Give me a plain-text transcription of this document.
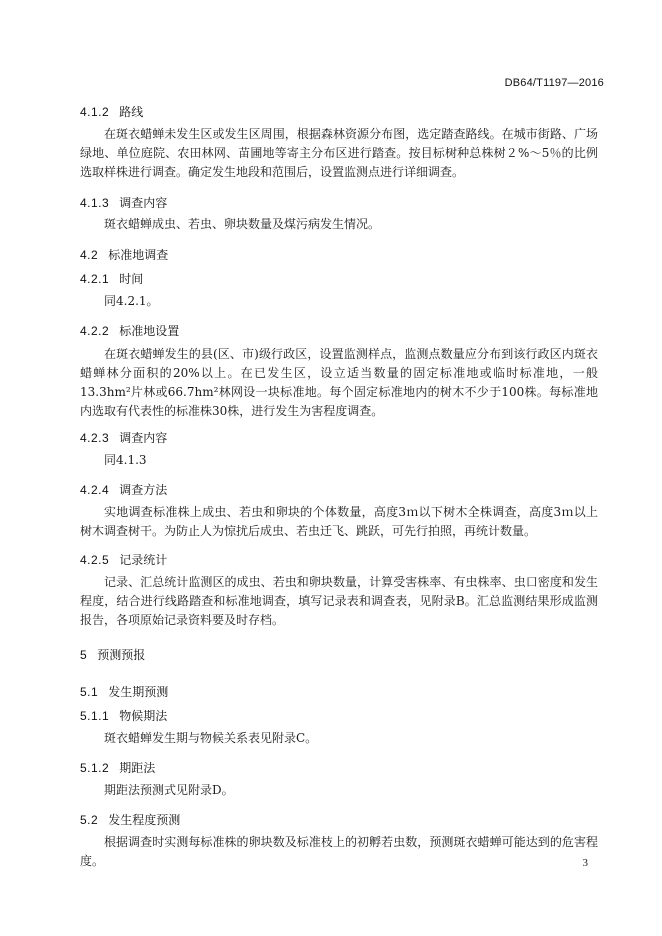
DB64/T1197—2016
4.1.2 路线
在斑衣蜡蝉未发生区或发生区周围，根据森林资源分布图，选定踏查路线。在城市街路、广场绿地、单位庭院、农田林网、苗圃地等寄主分布区进行踏查。按目标树种总株树２%～5％的比例选取样株进行调查。确定发生地段和范围后，设置监测点进行详细调查。
4.1.3 调查内容
斑衣蜡蝉成虫、若虫、卵块数量及煤污病发生情况。
4.2 标准地调查
4.2.1 时间
同4.2.1。
4.2.2 标准地设置
在斑衣蜡蝉发生的县(区、市)级行政区，设置监测样点，监测点数量应分布到该行政区内斑衣蜡蝉林分面积的20%以上。在已发生区，设立适当数量的固定标准地或临时标准地，一般13.3hm²片林或66.7hm²林网设一块标准地。每个固定标准地内的树木不少于100株。每标准地内选取有代表性的标准株30株，进行发生为害程度调查。
4.2.3 调查内容
同4.1.3
4.2.4 调查方法
实地调查标准株上成虫、若虫和卵块的个体数量，高度3ｍ以下树木全株调查，高度3ｍ以上树木调查树干。为防止人为惊扰后成虫、若虫迁飞、跳跃，可先行拍照，再统计数量。
4.2.5 记录统计
记录、汇总统计监测区的成虫、若虫和卵块数量，计算受害株率、有虫株率、虫口密度和发生程度，结合进行线路踏查和标准地调查，填写记录表和调查表，见附录B。汇总监测结果形成监测报告，各项原始记录资料要及时存档。
5 预测预报
5.1 发生期预测
5.1.1 物候期法
斑衣蜡蝉发生期与物候关系表见附录C。
5.1.2 期距法
期距法预测式见附录D。
5.2 发生程度预测
根据调查时实测每标准株的卵块数及标准枝上的初孵若虫数，预测斑衣蜡蝉可能达到的危害程度。	3
